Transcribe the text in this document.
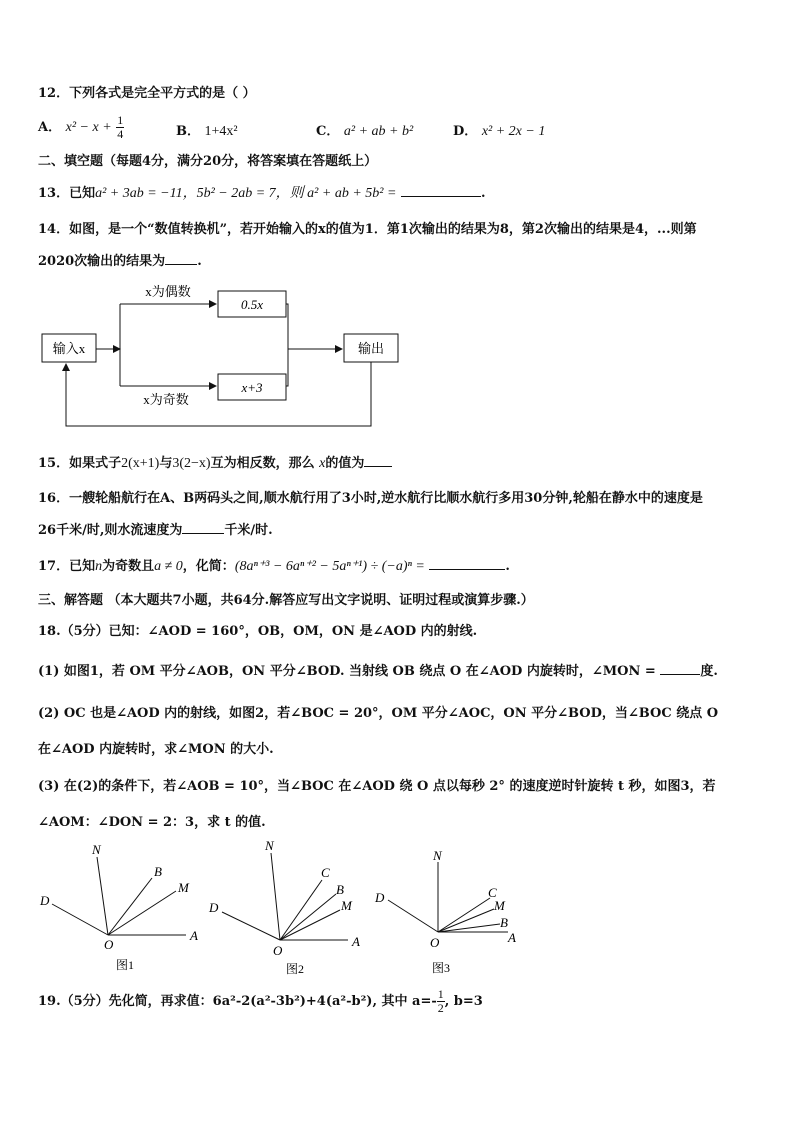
12．下列各式是完全平方式的是（ ）
A． $x^2 - x + \frac{1}{4}$	B． 1+4x²	C． a² + ab + b²	D． x² + 2x − 1
二、填空题（每题4分，满分20分，将答案填在答题纸上）
13．已知a² + 3ab = −11，5b² − 2ab = 7，则 a² + ab + 5b² =	.
14．如图，是一个“数值转换机”，若开始输入的x的值为1．第1次输出的结果为8，第2次输出的结果是4，...则第
2020次输出的结果为 .
输入x
x为偶数
x为奇数
0.5x
x+3
输出
N
B
M
D
O
A
图1
N
C
B
M
D
O
A
图2
N
C
M
B
D
O	A
图3
15．如果式子2(x+1)与3(2−x)互为相反数，那么 x的值为
16．一艘轮船航行在A、B两码头之间,顺水航行用了3小时,逆水航行比顺水航行多用30分钟,轮船在静水中的速度是
26千米/时,则水流速度为	千米/时.
17．已知n为奇数且a ≠ 0，化简：(8aⁿ⁺³ − 6aⁿ⁺² − 5aⁿ⁺¹) ÷ (−a)ⁿ =	.
三、解答题 （本大题共7小题，共64分.解答应写出文字说明、证明过程或演算步骤.）
18.（5分）已知：∠AOD = 160°，OB，OM，ON 是∠AOD 内的射线.
(1) 如图1，若 OM 平分∠AOB，ON 平分∠BOD. 当射线 OB 绕点 O 在∠AOD 内旋转时，∠MON =	度.
(2) OC 也是∠AOD 内的射线，如图2，若∠BOC = 20°，OM 平分∠AOC，ON 平分∠BOD，当∠BOC 绕点 O
在∠AOD 内旋转时，求∠MON 的大小.
(3) 在(2)的条件下，若∠AOB = 10°，当∠BOC 在∠AOD 绕 O 点以每秒 2° 的速度逆时针旋转 t 秒，如图3，若
∠AOM：∠DON = 2：3，求 t 的值.
19.（5分）先化简，再求值：6a²-2(a²-3b²)+4(a²-b²), 其中 $a=- \frac{1}{2}$ , b=3
